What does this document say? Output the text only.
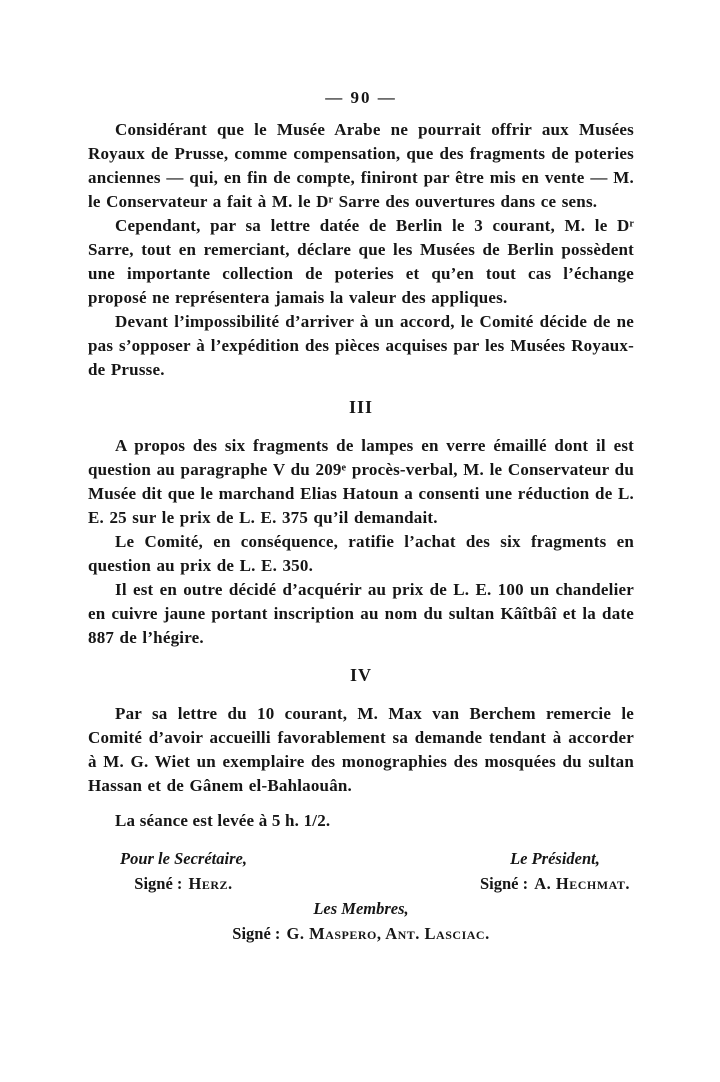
— 90 —

Considérant que le Musée Arabe ne pourrait offrir aux Musées Royaux de Prusse, comme compensation, que des fragments de poteries anciennes — qui, en fin de compte, finiront par être mis en vente — M. le Conservateur a fait à M. le Dʳ Sarre des ouvertures dans ce sens.

Cependant, par sa lettre datée de Berlin le 3 courant, M. le Dʳ Sarre, tout en remerciant, déclare que les Musées de Berlin possèdent une importante collection de poteries et qu’en tout cas l’échange proposé ne représentera jamais la valeur des appliques.

Devant l’impossibilité d’arriver à un accord, le Comité décide de ne pas s’opposer à l’expédition des pièces acquises par les Musées Royaux-de Prusse.

III

A propos des six fragments de lampes en verre émaillé dont il est question au paragraphe V du 209ᵉ procès-verbal, M. le Conservateur du Musée dit que le marchand Elias Hatoun a consenti une réduction de L. E. 25 sur le prix de L. E. 375 qu’il demandait.

Le Comité, en conséquence, ratifie l’achat des six fragments en question au prix de L. E. 350.

Il est en outre décidé d’acquérir au prix de L. E. 100 un chandelier en cuivre jaune portant inscription au nom du sultan Kâîtbâî et la date 887 de l’hégire.

IV

Par sa lettre du 10 courant, M. Max van Berchem remercie le Comité d’avoir accueilli favorablement sa demande tendant à accorder à M. G. Wiet un exemplaire des monographies des mosquées du sultan Hassan et de Gânem el-Bahlaouân.

La séance est levée à 5 h. 1/2.

Pour le Secrétaire,
Signé : Herz.
Le Président,
Signé : A. Hechmat.
Les Membres,
Signé : G. Maspero, Ant. Lasciac.
